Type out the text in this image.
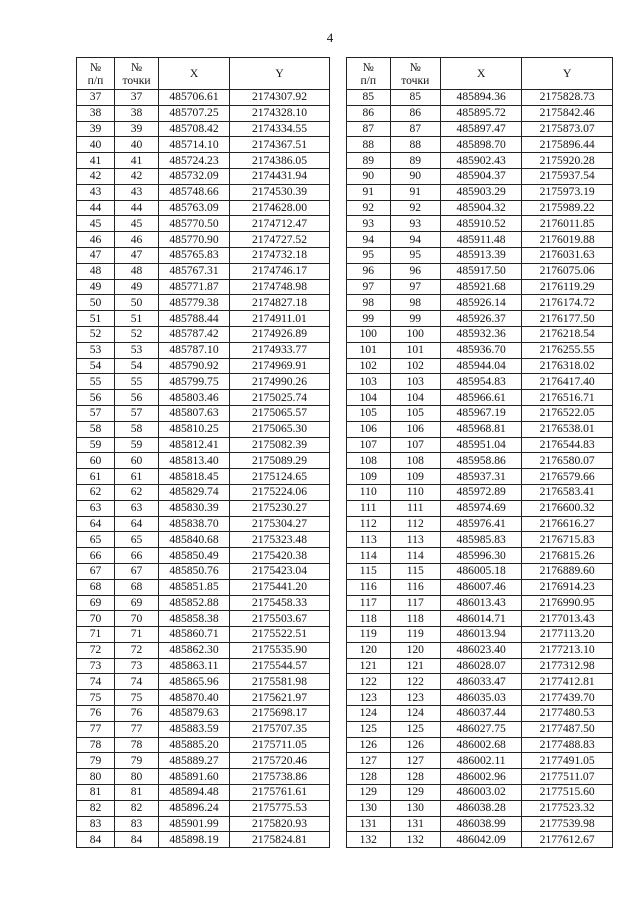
4
№
п/п	№
точки	X	Y
37	37	485706.61	2174307.92
38	38	485707.25	2174328.10
39	39	485708.42	2174334.55
40	40	485714.10	2174367.51
41	41	485724.23	2174386.05
42	42	485732.09	2174431.94
43	43	485748.66	2174530.39
44	44	485763.09	2174628.00
45	45	485770.50	2174712.47
46	46	485770.90	2174727.52
47	47	485765.83	2174732.18
48	48	485767.31	2174746.17
49	49	485771.87	2174748.98
50	50	485779.38	2174827.18
51	51	485788.44	2174911.01
52	52	485787.42	2174926.89
53	53	485787.10	2174933.77
54	54	485790.92	2174969.91
55	55	485799.75	2174990.26
56	56	485803.46	2175025.74
57	57	485807.63	2175065.57
58	58	485810.25	2175065.30
59	59	485812.41	2175082.39
60	60	485813.40	2175089.29
61	61	485818.45	2175124.65
62	62	485829.74	2175224.06
63	63	485830.39	2175230.27
64	64	485838.70	2175304.27
65	65	485840.68	2175323.48
66	66	485850.49	2175420.38
67	67	485850.76	2175423.04
68	68	485851.85	2175441.20
69	69	485852.88	2175458.33
70	70	485858.38	2175503.67
71	71	485860.71	2175522.51
72	72	485862.30	2175535.90
73	73	485863.11	2175544.57
74	74	485865.96	2175581.98
75	75	485870.40	2175621.97
76	76	485879.63	2175698.17
77	77	485883.59	2175707.35
78	78	485885.20	2175711.05
79	79	485889.27	2175720.46
80	80	485891.60	2175738.86
81	81	485894.48	2175761.61
82	82	485896.24	2175775.53
83	83	485901.99	2175820.93
84	84	485898.19	2175824.81
№
п/п	№
точки	X	Y
85	85	485894.36	2175828.73
86	86	485895.72	2175842.46
87	87	485897.47	2175873.07
88	88	485898.70	2175896.44
89	89	485902.43	2175920.28
90	90	485904.37	2175937.54
91	91	485903.29	2175973.19
92	92	485904.32	2175989.22
93	93	485910.52	2176011.85
94	94	485911.48	2176019.88
95	95	485913.39	2176031.63
96	96	485917.50	2176075.06
97	97	485921.68	2176119.29
98	98	485926.14	2176174.72
99	99	485926.37	2176177.50
100	100	485932.36	2176218.54
101	101	485936.70	2176255.55
102	102	485944.04	2176318.02
103	103	485954.83	2176417.40
104	104	485966.61	2176516.71
105	105	485967.19	2176522.05
106	106	485968.81	2176538.01
107	107	485951.04	2176544.83
108	108	485958.86	2176580.07
109	109	485937.31	2176579.66
110	110	485972.89	2176583.41
111	111	485974.69	2176600.32
112	112	485976.41	2176616.27
113	113	485985.83	2176715.83
114	114	485996.30	2176815.26
115	115	486005.18	2176889.60
116	116	486007.46	2176914.23
117	117	486013.43	2176990.95
118	118	486014.71	2177013.43
119	119	486013.94	2177113.20
120	120	486023.40	2177213.10
121	121	486028.07	2177312.98
122	122	486033.47	2177412.81
123	123	486035.03	2177439.70
124	124	486037.44	2177480.53
125	125	486027.75	2177487.50
126	126	486002.68	2177488.83
127	127	486002.11	2177491.05
128	128	486002.96	2177511.07
129	129	486003.02	2177515.60
130	130	486038.28	2177523.32
131	131	486038.99	2177539.98
132	132	486042.09	2177612.67
